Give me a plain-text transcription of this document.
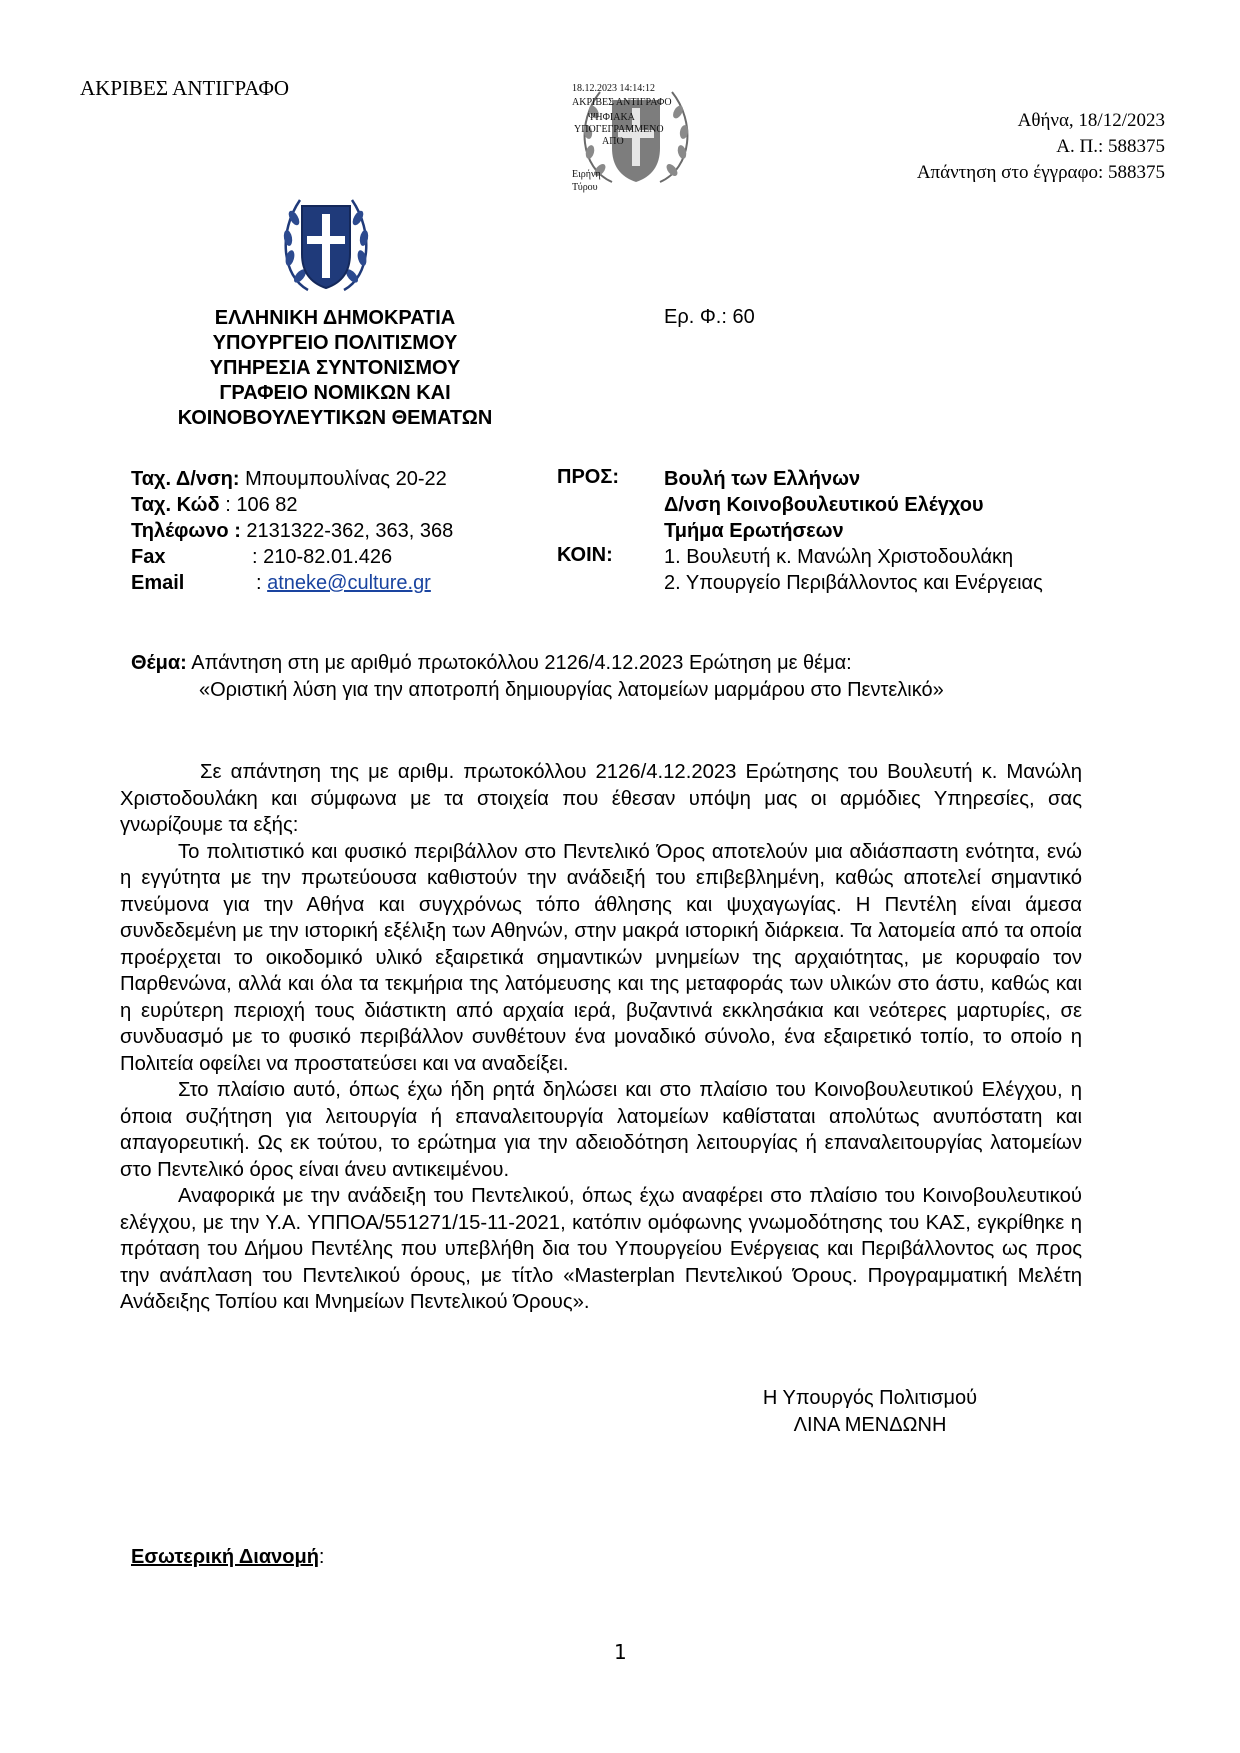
ΑΚΡΙΒΕΣ ΑΝΤΙΓΡΑΦΟ	18.12.2023 14:14:12
ΑΚΡΙΒΕΣ ΑΝΤΙΓΡΑΦΟ
ΨΗΦΙΑΚΑ
ΥΠΟΓΕΓΡΑΜΜΕΝΟ
ΑΠΟ
Ειρήνη
Τύρου
Αθήνα, 18/12/2023
Α. Π.: 588375
Απάντηση στο έγγραφο: 588375
ΕΛΛΗΝΙΚΗ ΔΗΜΟΚΡΑΤΙΑ
ΥΠΟΥΡΓΕΙΟ ΠΟΛΙΤΙΣΜΟΥ
ΥΠΗΡΕΣΙΑ ΣΥΝΤΟΝΙΣΜΟΥ
ΓΡΑΦΕΙΟ ΝΟΜΙΚΩΝ ΚΑΙ
ΚΟΙΝΟΒΟΥΛΕΥΤΙΚΩΝ ΘΕΜΑΤΩΝ
Ερ. Φ.: 60
Ταχ. Δ/νση: Μπουμπουλίνας 20-22
Ταχ. Κώδ : 106 82
Τηλέφωνο : 2131322-362, 363, 368
Fax	: 210-82.01.426
Email	: atneke@culture.gr
ΠΡΟΣ: Βουλή των Ελλήνων
Δ/νση Κοινοβουλευτικού Ελέγχου
Τμήμα Ερωτήσεων
ΚΟΙΝ:	1. Βουλευτή κ. Μανώλη Χριστοδουλάκη
2. Υπουργείο Περιβάλλοντος και Ενέργειας
Θέμα: Απάντηση στη με αριθμό πρωτοκόλλου 2126/4.12.2023 Ερώτηση με θέμα:
«Οριστική λύση για την αποτροπή δημιουργίας λατομείων μαρμάρου στο Πεντελικό»

Σε απάντηση της με αριθμ. πρωτοκόλλου 2126/4.12.2023 Ερώτησης του Βουλευτή κ. Μανώλη Χριστοδουλάκη και σύμφωνα με τα στοιχεία που έθεσαν υπόψη μας οι αρμόδιες Υπηρεσίες, σας γνωρίζουμε τα εξής:

Το πολιτιστικό και φυσικό περιβάλλον στο Πεντελικό Όρος αποτελούν μια αδιάσπαστη ενότητα, ενώ η εγγύτητα με την πρωτεύουσα καθιστούν την ανάδειξή του επιβεβλημένη, καθώς αποτελεί σημαντικό πνεύμονα για την Αθήνα και συγχρόνως τόπο άθλησης και ψυχαγωγίας. Η Πεντέλη είναι άμεσα συνδεδεμένη με την ιστορική εξέλιξη των Αθηνών, στην μακρά ιστορική διάρκεια. Τα λατομεία από τα οποία προέρχεται το οικοδομικό υλικό εξαιρετικά σημαντικών μνημείων της αρχαιότητας, με κορυφαίο τον Παρθενώνα, αλλά και όλα τα τεκμήρια της λατόμευσης και της μεταφοράς των υλικών στο άστυ, καθώς και η ευρύτερη περιοχή τους διάστικτη από αρχαία ιερά, βυζαντινά εκκλησάκια και νεότερες μαρτυρίες, σε συνδυασμό με το φυσικό περιβάλλον συνθέτουν ένα μοναδικό σύνολο, ένα εξαιρετικό τοπίο, το οποίο η Πολιτεία οφείλει να προστατεύσει και να αναδείξει.

Στο πλαίσιο αυτό, όπως έχω ήδη ρητά δηλώσει και στο πλαίσιο του Κοινοβουλευτικού Ελέγχου, η όποια συζήτηση για λειτουργία ή επαναλειτουργία λατομείων καθίσταται απολύτως ανυπόστατη και απαγορευτική. Ως εκ τούτου, το ερώτημα για την αδειοδότηση λειτουργίας ή επαναλειτουργίας λατομείων στο Πεντελικό όρος είναι άνευ αντικειμένου.

Αναφορικά με την ανάδειξη του Πεντελικού, όπως έχω αναφέρει στο πλαίσιο του Κοινοβουλευτικού ελέγχου, με την Υ.Α. ΥΠΠΟΑ/551271/15-11-2021, κατόπιν ομόφωνης γνωμοδότησης του ΚΑΣ, εγκρίθηκε η πρόταση του Δήμου Πεντέλης που υπεβλήθη δια του Υπουργείου Ενέργειας και Περιβάλλοντος ως προς την ανάπλαση του Πεντελικού όρους, με τίτλο «Masterplan Πεντελικού Όρους. Προγραμματική Μελέτη Ανάδειξης Τοπίου και Μνημείων Πεντελικού Όρους».

Η Υπουργός Πολιτισμού
ΛΙΝΑ ΜΕΝΔΩΝΗ
Εσωτερική Διανομή:
1
